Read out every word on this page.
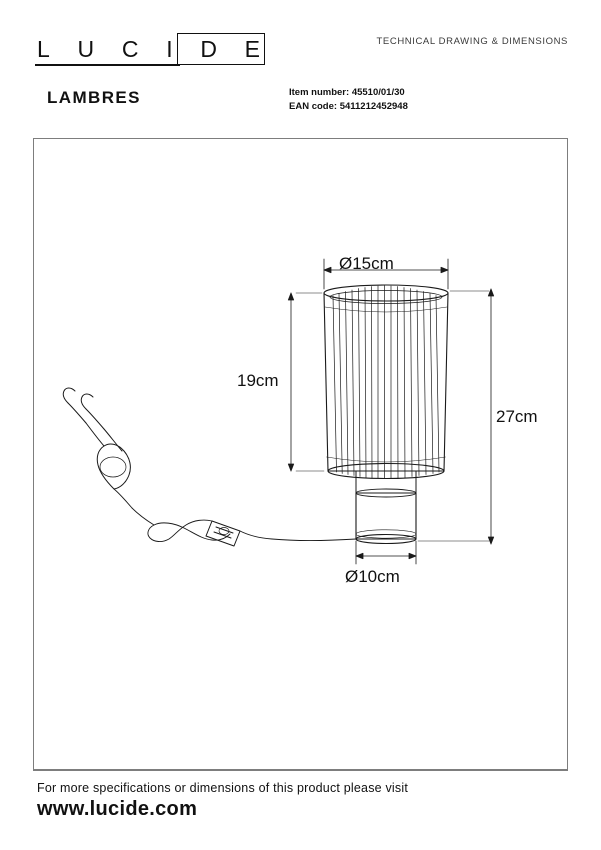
L U C I D E	TECHNICAL DRAWING & DIMENSIONS
LAMBRES	Item number: 45510/01/30
EAN code: 5411212452948
Ø15cm
19cm
27cm
Ø10cm
For more specifications or dimensions of this product please visit
www.lucide.com
